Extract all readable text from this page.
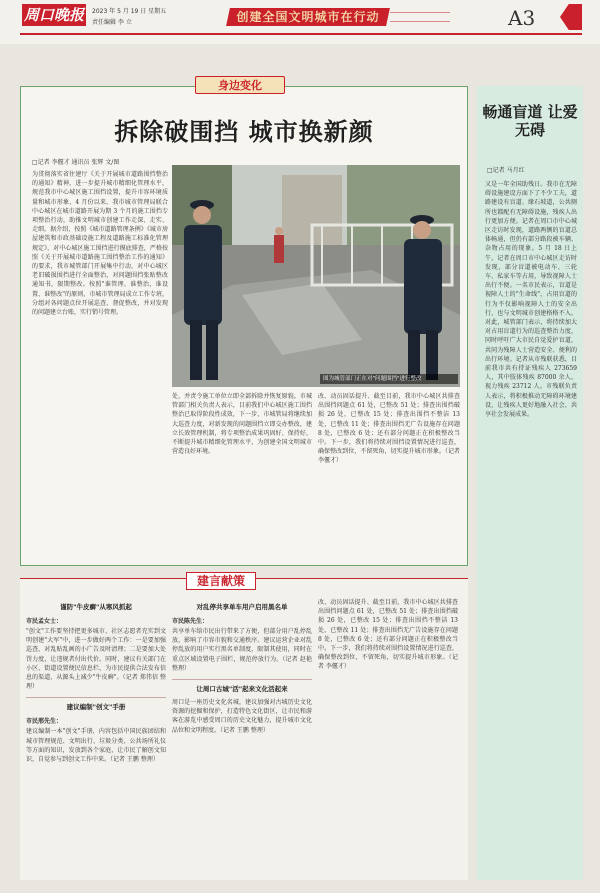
周口晚报	2023 年 5 月 19 日 星期五
责任编辑 李 立	创建全国文明城市在行动	A3
身边变化
拆除破围挡 城市换新颜
□记者 李偃才 通讯员 张辉 文/图
为贯彻落实省住建厅《关于开展城市道路围挡整治的通知》精神，进一步提升城市精细化管理水平，规范我市中心城区施工围挡设置，提升市容环境质量和城市形象，4 月份以来，我市城市管理局联合中心城区在城市道路开展为期 3 个月的施工围挡专项整治行动，助推文明城市创建工作走深、走实、走细。据介绍，按照《城市道路管理条例》《城市房屋建筑和市政基础设施工程及道路施工标准化管理规定》，对中心城区施工围挡进行摸底排查，严格按照《关于开展城市道路施工围挡整治工作的通知》的要求，我市城管部门开展集中行动，对中心城区老旧破损围挡进行全面整治，对问题围挡张贴整改通知书，限期整改。按照"谁管理、谁整治，谁设置、谁整改"的原则，市城市管理局成立工作专班，分组对各问题点位开展巡查、督促整改，并对发现的问题建立台账，实行销号管理。
图为城管部门正在对"问题围挡"进行整改
处，并责令施工单位立即全部拆除并恢复原貌。市城管部门相关负责人表示，目前我们中心城区施工围挡整治已取得阶段性成效，下一步，市城管局将继续加大巡查力度，对新发现的问题围挡立即交办整改，建立长效管理机制，将专项整治成果巩固好、保持好，不断提升城市精细化管理水平，为创建全国文明城市营造良好环境。
改、动员固话提升、截至目前，我市中心城区共排查出围挡问题点 61 处，已整改 51 处；排查出围挡破损 26 处，已整改 15 处；排查出围挡不整洁 13 处，已整改 11 处；排查出围挡无广告设施存在问题 8 处，已整改 6 处；还有部分问题正在积极整改当中。下一步，我们将持续对围挡设置情况进行巡查，确保整改到位，不留死角，切实提升城市形象。（记者 李偃才）
畅通盲道 让爱无碍
□记者 马月红
又是一年全国助残日。我市在无障碍设施建设方面下了不少工夫，道路建设有盲道、缘石坡道，公共厕所也都配有无障碍设施，残疾人出行更加方便。记者在周口市中心城区走访时发现，道路两侧的盲道总体畅通，但仍有部分路段被车辆、杂物占用的现象。5 月 18 日上午，记者在周口市中心城区走访时发现，部分盲道被电动车、三轮车、私家车等占用，导致视障人士出行不便。一名市民表示，盲道是视障人士的"生命线"，占用盲道的行为不仅影响视障人士的安全出行，也与文明城市创建格格不入。对此，城管部门表示，将持续加大对占用盲道行为的巡查整治力度，同时呼吁广大市民自觉爱护盲道，共同为残障人士营造安全、便利的出行环境。记者从市残联获悉，目前我市共有持证残疾人 273659 人，其中肢体残疾 87000 余人，视力残疾 23712 人。市残联负责人表示，将积极推动无障碍环境建设，让残疾人更好地融入社会，共享社会发展成果。
建言献策
谨防"牛皮癣"从寒风抓起
市民孟女士：
"创文"工作要坚持把更多城市、社区志愿者充实到文明创建"大军"中，进一步做好两个工作：一是要加强巡查，对乱贴乱画的小广告及时清理；二是要加大处罚力度，让违规者付出代价。同时，建议有关部门在小区、街道设置便民信息栏，为市民提供合法发布信息的渠道，从源头上减少"牛皮癣"。（记者 郑伟信 整理）
建议编制"创文"手册
市民邢先生：
建议编制一本"创文"手册，内容包括中国民族团结和城市管理规范、文明出行、垃圾分类、公共场所礼仪等方面的知识，发放到各个家庭，让市民了解创文知识，自觉参与到创文工作中来。（记者 王鹏 整理）
对乱停共享单车用户启用黑名单
市民陈先生：
共享单车给市民出行带来了方便，但部分用户乱停乱放，影响了市容市貌和交通秩序。建议运营企业对乱停乱放的用户实行黑名单制度，限制其使用，同时在重点区域设置电子围栏，规范停放行为。（记者 赵艳 整理）
让周口古城"活"起来文化活起来
周口是一座历史文化名城，建议加强对古城历史文化资源的挖掘和保护，打造特色文化街区，让市民和游客在游览中感受周口的历史文化魅力，提升城市文化品位和文明程度。（记者 王鹏 整理）
改、动员固话提升、截至目前，我市中心城区共排查出围挡问题点 61 处，已整改 51 处；排查出围挡破损 26 处，已整改 15 处；排查出围挡不整洁 13 处，已整改 11 处；排查出围挡无广告设施存在问题 8 处，已整改 6 处；还有部分问题正在积极整改当中。下一步，我们将持续对围挡设置情况进行巡查，确保整改到位，不留死角，切实提升城市形象。（记者 李偃才）
